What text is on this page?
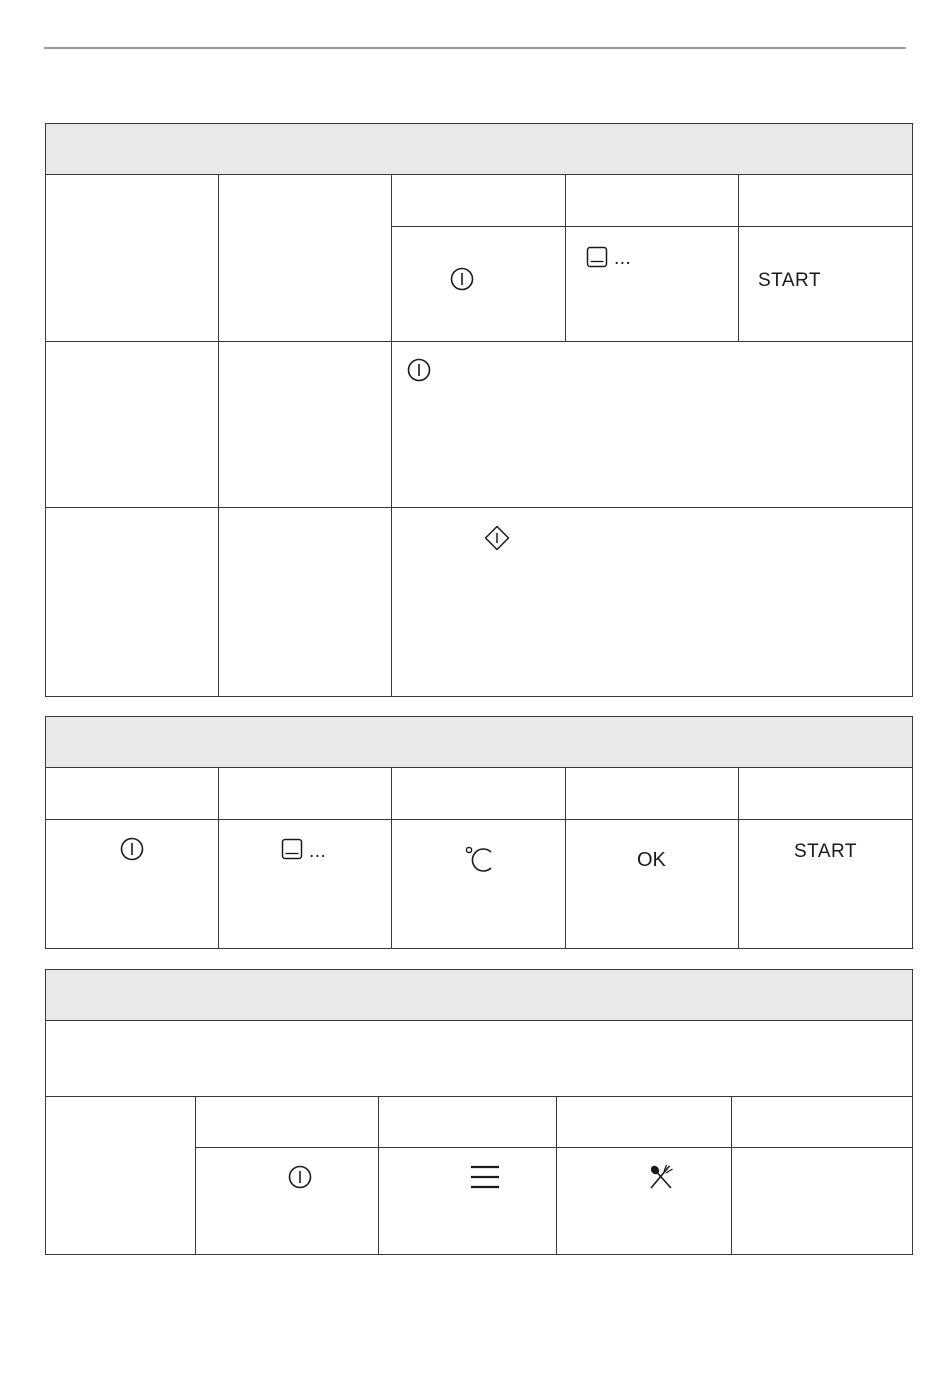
...
START
...	OK	START
